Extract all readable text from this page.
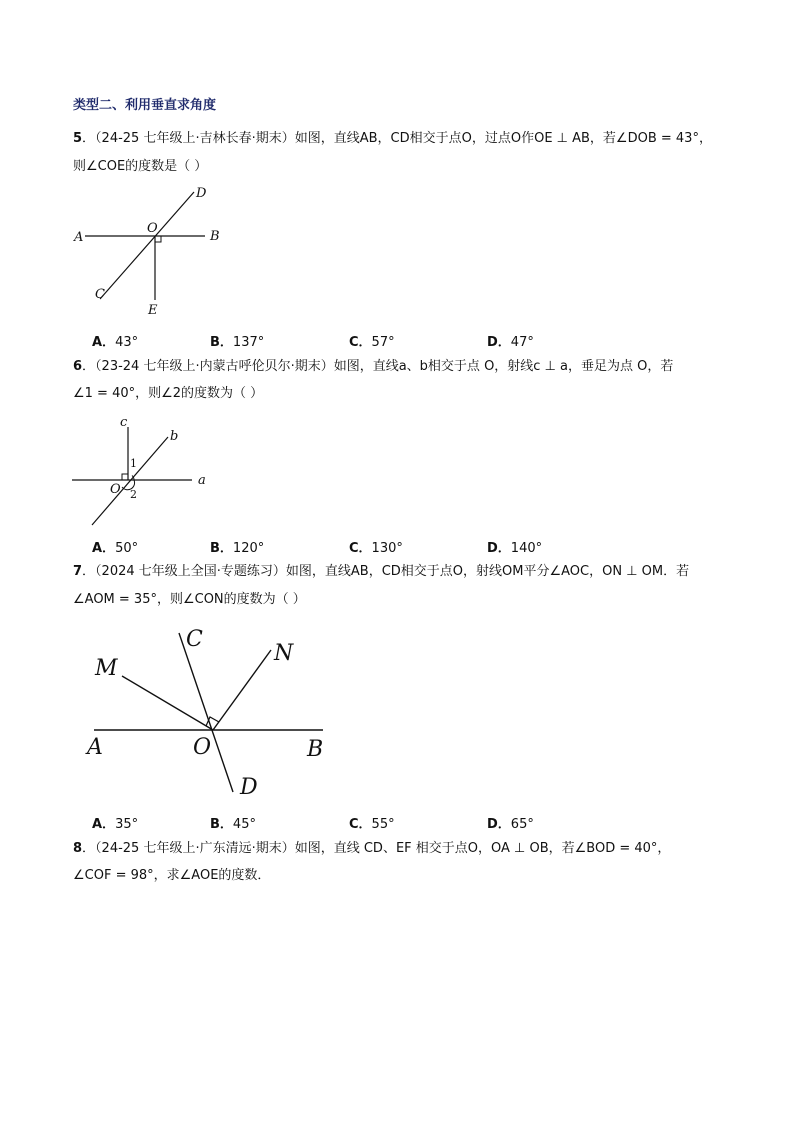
类型二、利用垂直求角度
5．（24-25 七年级上·吉林长春·期末）如图，直线AB，CD相交于点O，过点O作OE ⊥ AB，若∠DOB = 43°，
则∠COE的度数是（ ）
A	B
C
D
O
E
A．43°	B．137°	C．57°	D．47°
6．（23-24 七年级上·内蒙古呼伦贝尔·期末）如图，直线a、b相交于点 O，射线c ⊥ a，垂足为点 O，若
∠1 = 40°，则∠2的度数为（ ）
a
b
c
O
1
2
A．50°	B．120°	C．130°	D．140°
7．（2024 七年级上全国·专题练习）如图，直线AB，CD相交于点O，射线OM平分∠AOC，ON ⊥ OM．若
∠AOM = 35°，则∠CON的度数为（ ）
M
C
N
A	O	B
D
A．35°	B．45°	C．55°	D．65°
8．（24-25 七年级上·广东清远·期末）如图，直线 CD、EF 相交于点O，OA ⊥ OB，若∠BOD = 40°，
∠COF = 98°，求∠AOE的度数．
